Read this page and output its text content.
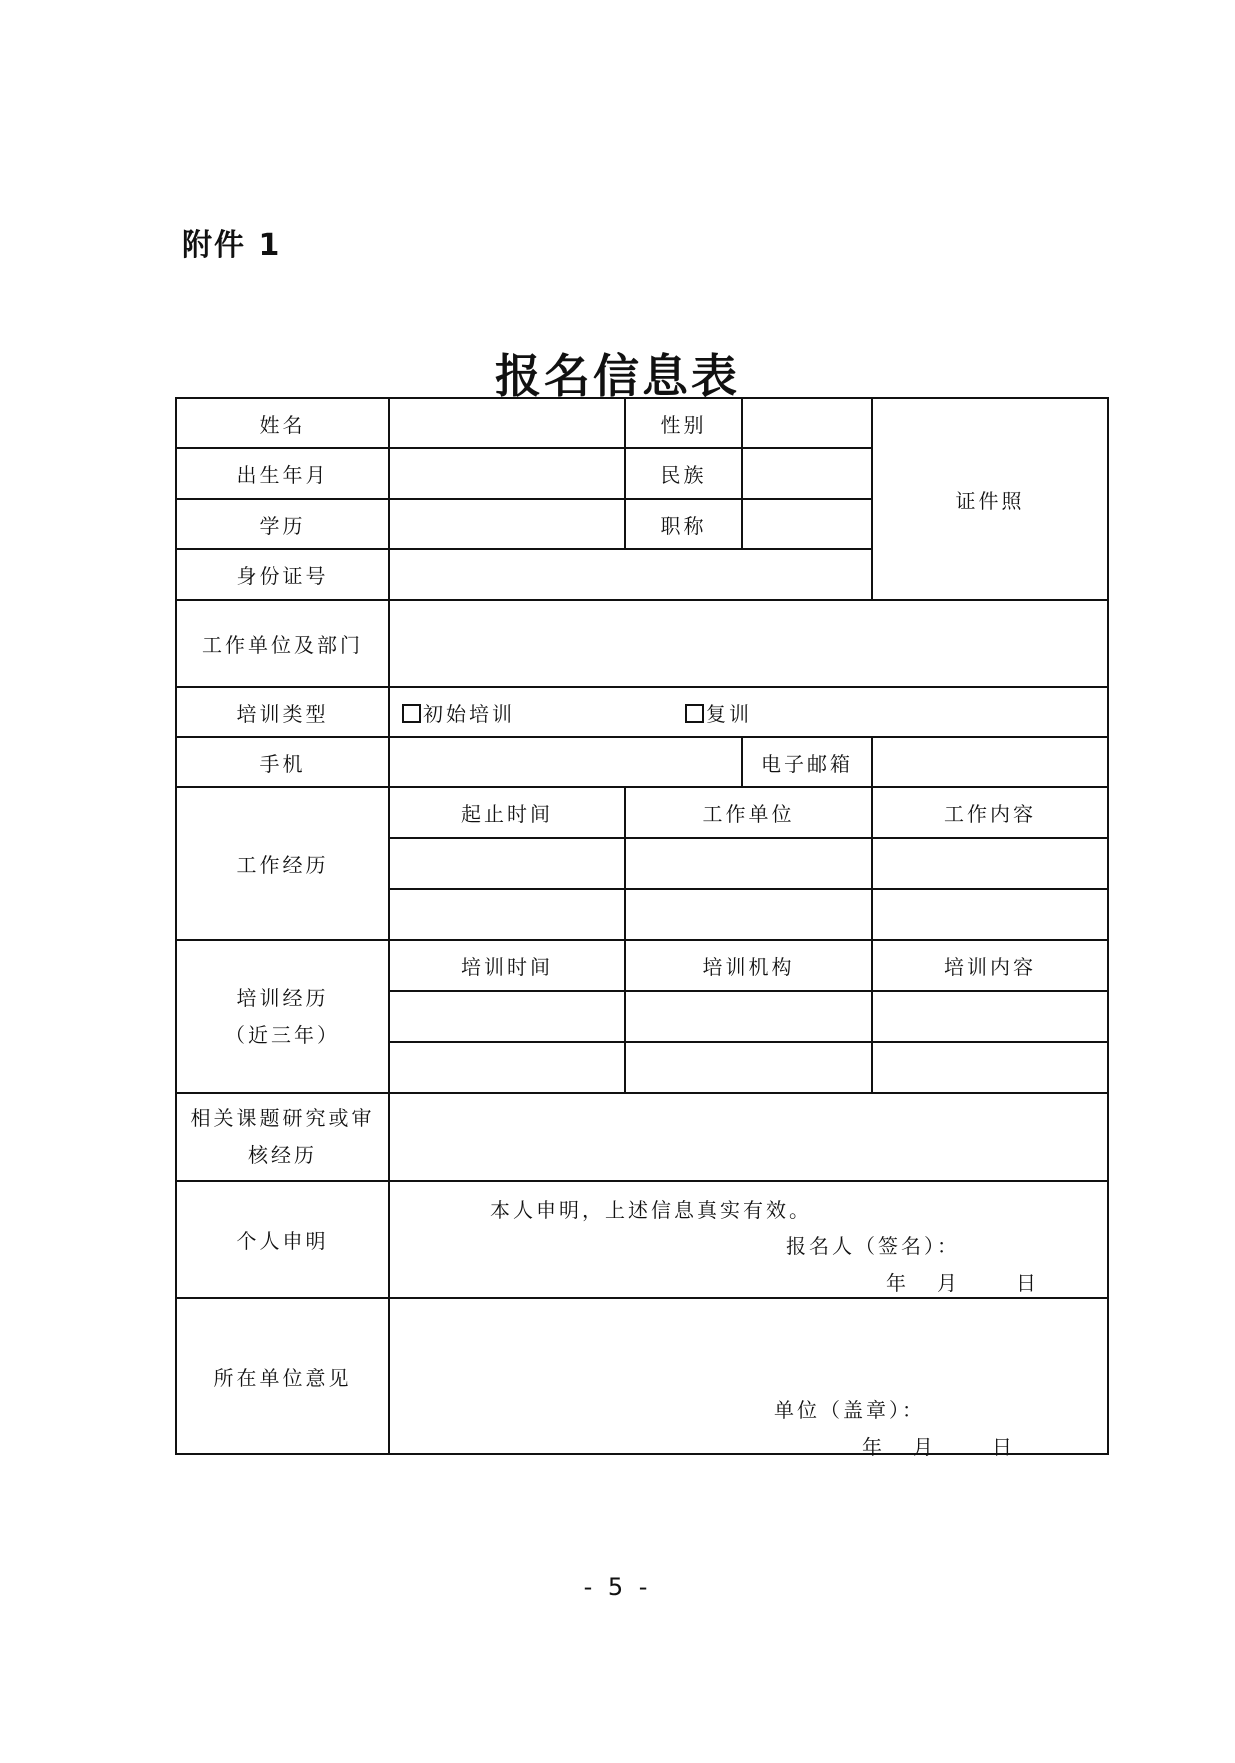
附件 1
报名信息表
姓名		性别		证件照
出生年月		民族		
学历		职称		
身份证号				
工作单位及部门				
培训类型	初始培训 复训			
手机			电子邮箱	
工作经历	起止时间	工作单位		工作内容

培训经历
（近三年）	培训时间	培训机构		培训内容

相关课题研究或审
核经历				
个人申明	本人申明，上述信息真实有效。
报名人（签名）：
年 月 日			

所在单位意见	单位（盖章）：
年 月 日			
- 5 -
